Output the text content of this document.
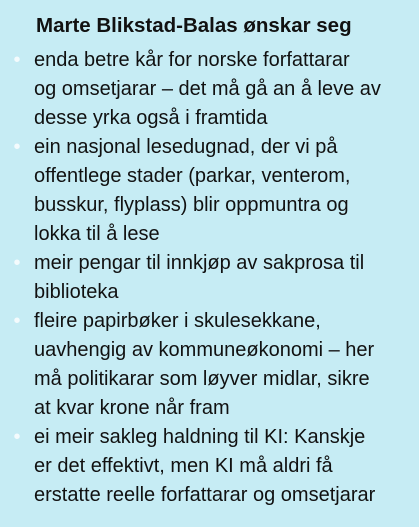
Marte Blikstad-Balas ønskar seg
• enda betre kår for norske forfattarar
og omsetjarar – det må gå an å leve av
desse yrka også i framtida
• ein nasjonal lesedugnad, der vi på
offentlege stader (parkar, venterom,
busskur, flyplass) blir oppmuntra og
lokka til å lese
• meir pengar til innkjøp av sakprosa til
biblioteka
• fleire papirbøker i skulesekkane,
uavhengig av kommuneøkonomi – her
må politikarar som løyver midlar, sikre
at kvar krone når fram
• ei meir sakleg haldning til KI: Kanskje
er det effektivt, men KI må aldri få
erstatte reelle forfattarar og omsetjarar
